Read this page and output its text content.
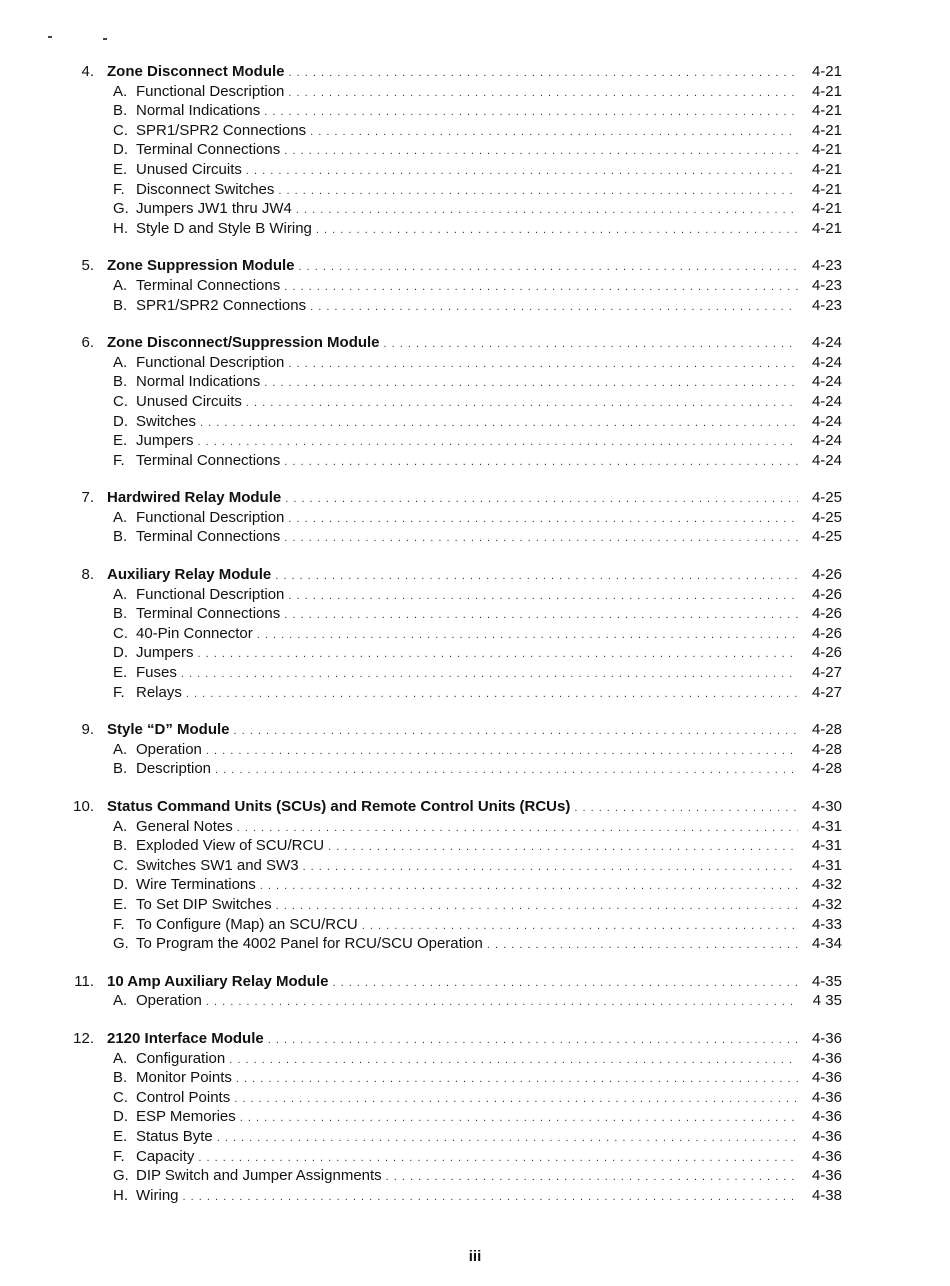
4. Zone Disconnect Module . . .	4-21
A. Functional Description . . .	4-21
B. Normal Indications . . .	4-21
C. SPR1/SPR2 Connections . . .	4-21
D. Terminal Connections . . .	4-21
E. Unused Circuits . . .	4-21
F. Disconnect Switches . . .	4-21
G. Jumpers JW1 thru JW4 . . .	4-21
H. Style D and Style B Wiring . . .	4-21
5. Zone Suppression Module . . .	4-23
A. Terminal Connections . . .	4-23
B. SPR1/SPR2 Connections . . .	4-23
6. Zone Disconnect/Suppression Module . . .	4-24
A. Functional Description . . .	4-24
B. Normal Indications . . .	4-24
C. Unused Circuits . . .	4-24
D. Switches . . .	4-24
E. Jumpers . . .	4-24
F. Terminal Connections . . .	4-24
7. Hardwired Relay Module . . .	4-25
A. Functional Description . . .	4-25
B. Terminal Connections . . .	4-25
8. Auxiliary Relay Module . . .	4-26
A. Functional Description . . .	4-26
B. Terminal Connections . . .	4-26
C. 40-Pin Connector . . .	4-26
D. Jumpers . . .	4-26
E. Fuses . . .	4-27
F. Relays . . .	4-27
9. Style “D” Module . . .	4-28
A. Operation . . .	4-28
B. Description . . .	4-28
10. Status Command Units (SCUs) and Remote Control Units (RCUs) . . .	4-30
A. General Notes . . .	4-31
B. Exploded View of SCU/RCU . . .	4-31
C. Switches SW1 and SW3 . . .	4-31
D. Wire Terminations . . .	4-32
E. To Set DIP Switches . . .	4-32
F. To Configure (Map) an SCU/RCU . . .	4-33
G. To Program the 4002 Panel for RCU/SCU Operation . . .	4-34
11. 10 Amp Auxiliary Relay Module . . .	4-35
A. Operation . . .	4 35
12. 2120 Interface Module . . .	4-36
A. Configuration . . .	4-36
B. Monitor Points . . .	4-36
C. Control Points . . .	4-36
D. ESP Memories . . .	4-36
E. Status Byte . . .	4-36
F. Capacity . . .	4-36
G. DIP Switch and Jumper Assignments . . .	4-36
H. Wiring . . .	4-38
iii
